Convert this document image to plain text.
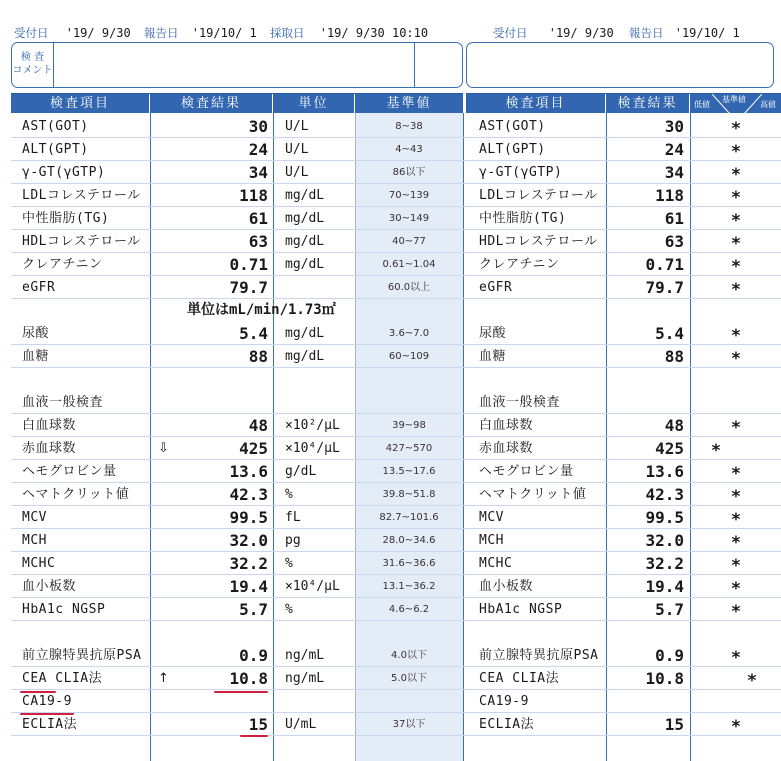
受付日 '19/ 9/30 報告日 '19/10/ 1 採取日 '19/ 9/30 10:10	受付日 '19/ 9/30 報告日 '19/10/ 1
検 査
コメント
検査項目	検査結果	単位	基準値	検査項目	検査結果	低値
基準値
高値
AST(GOT)	30 U/L	8~38	AST(GOT)	30	*
ALT(GPT)	24 U/L	4~43	ALT(GPT)	24	*
γ-GT(γGTP)	34 U/L	86以下	γ-GT(γGTP)	34	*
LDLコレステロール	118 mg/dL	70~139	LDLコレステロール	118	*
中性脂肪(TG)	61 mg/dL	30~149	中性脂肪(TG)	61	*
HDLコレステロール	63 mg/dL	40~77	HDLコレステロール	63	*
クレアチニン	0.71 mg/dL	0.61~1.04	クレアチニン	0.71	*
eGFR	79.7	60.0以上	eGFR	79.7	*
尿酸	5.4 mg/dL	3.6~7.0	尿酸	5.4	*
血糖	88 mg/dL	60~109	血糖	88	*
血液一般検査	血液一般検査
白血球数	48 ×10²/μL	39~98	白血球数	48	*
赤血球数	⇩	425 ×10⁴/μL	427~570	赤血球数	425	*
ヘモグロビン量	13.6 g/dL	13.5~17.6	ヘモグロビン量	13.6	*
ヘマトクリット値	42.3 %	39.8~51.8	ヘマトクリット値	42.3	*
MCV	99.5 fL	82.7~101.6	MCV	99.5	*
MCH	32.0 pg	28.0~34.6	MCH	32.0	*
MCHC	32.2 %	31.6~36.6	MCHC	32.2	*
血小板数	19.4 ×10⁴/μL	13.1~36.2	血小板数	19.4	*
HbA1c NGSP	5.7 %	4.6~6.2	HbA1c NGSP	5.7	*
前立腺特異抗原PSA	0.9 ng/mL	4.0以下	前立腺特異抗原PSA	0.9	*
CEA CLIA法	↑	10.8 ng/mL	5.0以下	CEA CLIA法	10.8	*
CA19-9	CA19-9
ECLIA法	15 U/mL	37以下	ECLIA法	15	*
単位はmL/min/1.73㎡
